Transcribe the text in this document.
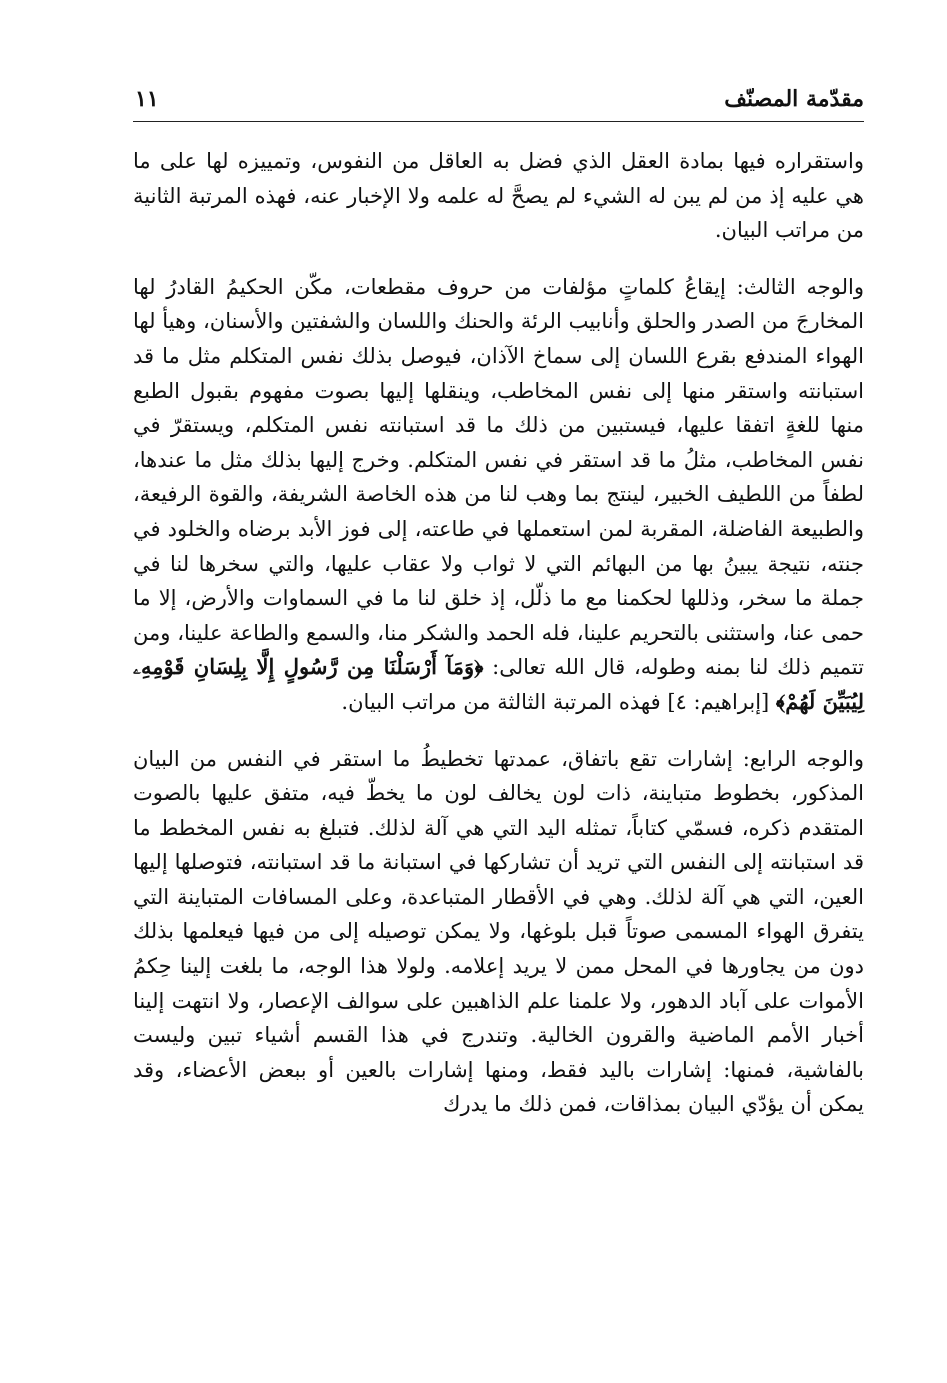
مقدّمة المصنّف
١١

واستقراره فيها بمادة العقل الذي فضل به العاقل من النفوس، وتمييزه لها على ما هي عليه إذ من لم يبن له الشيء لم يصحَّ له علمه ولا الإخبار عنه، فهذه المرتبة الثانية من مراتب البيان.

والوجه الثالث: إيقاعُ كلماتٍ مؤلفات من حروف مقطعات، مكّن الحكيمُ القادرُ لها المخارجَ من الصدر والحلق وأنابيب الرئة والحنك واللسان والشفتين والأسنان، وهيأ لها الهواء المندفع بقرع اللسان إلى سماخ الآذان، فيوصل بذلك نفس المتكلم مثل ما قد استبانته واستقر منها إلى نفس المخاطب، وينقلها إليها بصوت مفهوم بقبول الطبع منها للغةٍ اتفقا عليها، فيستبين من ذلك ما قد استبانته نفس المتكلم، ويستقرّ في نفس المخاطب، مثلُ ما قد استقر في نفس المتكلم. وخرج إليها بذلك مثل ما عندها، لطفاً من اللطيف الخبير، لينتج بما وهب لنا من هذه الخاصة الشريفة، والقوة الرفيعة، والطبيعة الفاضلة، المقربة لمن استعملها في طاعته، إلى فوز الأبد برضاه والخلود في جنته، نتيجة يبينُ بها من البهائم التي لا ثواب ولا عقاب عليها، والتي سخرها لنا في جملة ما سخر، وذللها لحكمنا مع ما ذلّل، إذ خلق لنا ما في السماوات والأرض، إلا ما حمى عنا، واستثنى بالتحريم علينا، فله الحمد والشكر منا، والسمع والطاعة علينا، ومن تتميم ذلك لنا بمنه وطوله، قال الله تعالى: ﴿وَمَآ أَرْسَلْنَا مِن رَّسُولٍ إِلَّا بِلِسَانِ قَوْمِهِۦ لِيُبَيِّنَ لَهُمْ﴾ [إبراهيم: ٤] فهذه المرتبة الثالثة من مراتب البيان.

والوجه الرابع: إشارات تقع باتفاق، عمدتها تخطيطُ ما استقر في النفس من البيان المذكور، بخطوط متباينة، ذات لون يخالف لون ما يخطّ فيه، متفق عليها بالصوت المتقدم ذكره، فسمّي كتاباً، تمثله اليد التي هي آلة لذلك. فتبلغ به نفس المخطط ما قد استبانته إلى النفس التي تريد أن تشاركها في استبانة ما قد استبانته، فتوصلها إليها العين، التي هي آلة لذلك. وهي في الأقطار المتباعدة، وعلى المسافات المتباينة التي يتفرق الهواء المسمى صوتاً قبل بلوغها، ولا يمكن توصيله إلى من فيها فيعلمها بذلك دون من يجاورها في المحل ممن لا يريد إعلامه. ولولا هذا الوجه، ما بلغت إلينا حِكمُ الأموات على آباد الدهور، ولا علمنا علم الذاهبين على سوالف الإعصار، ولا انتهت إلينا أخبار الأمم الماضية والقرون الخالية. وتندرج في هذا القسم أشياء تبين وليست بالفاشية، فمنها: إشارات باليد فقط، ومنها إشارات بالعين أو ببعض الأعضاء، وقد يمكن أن يؤدّي البيان بمذاقات، فمن ذلك ما يدرك
